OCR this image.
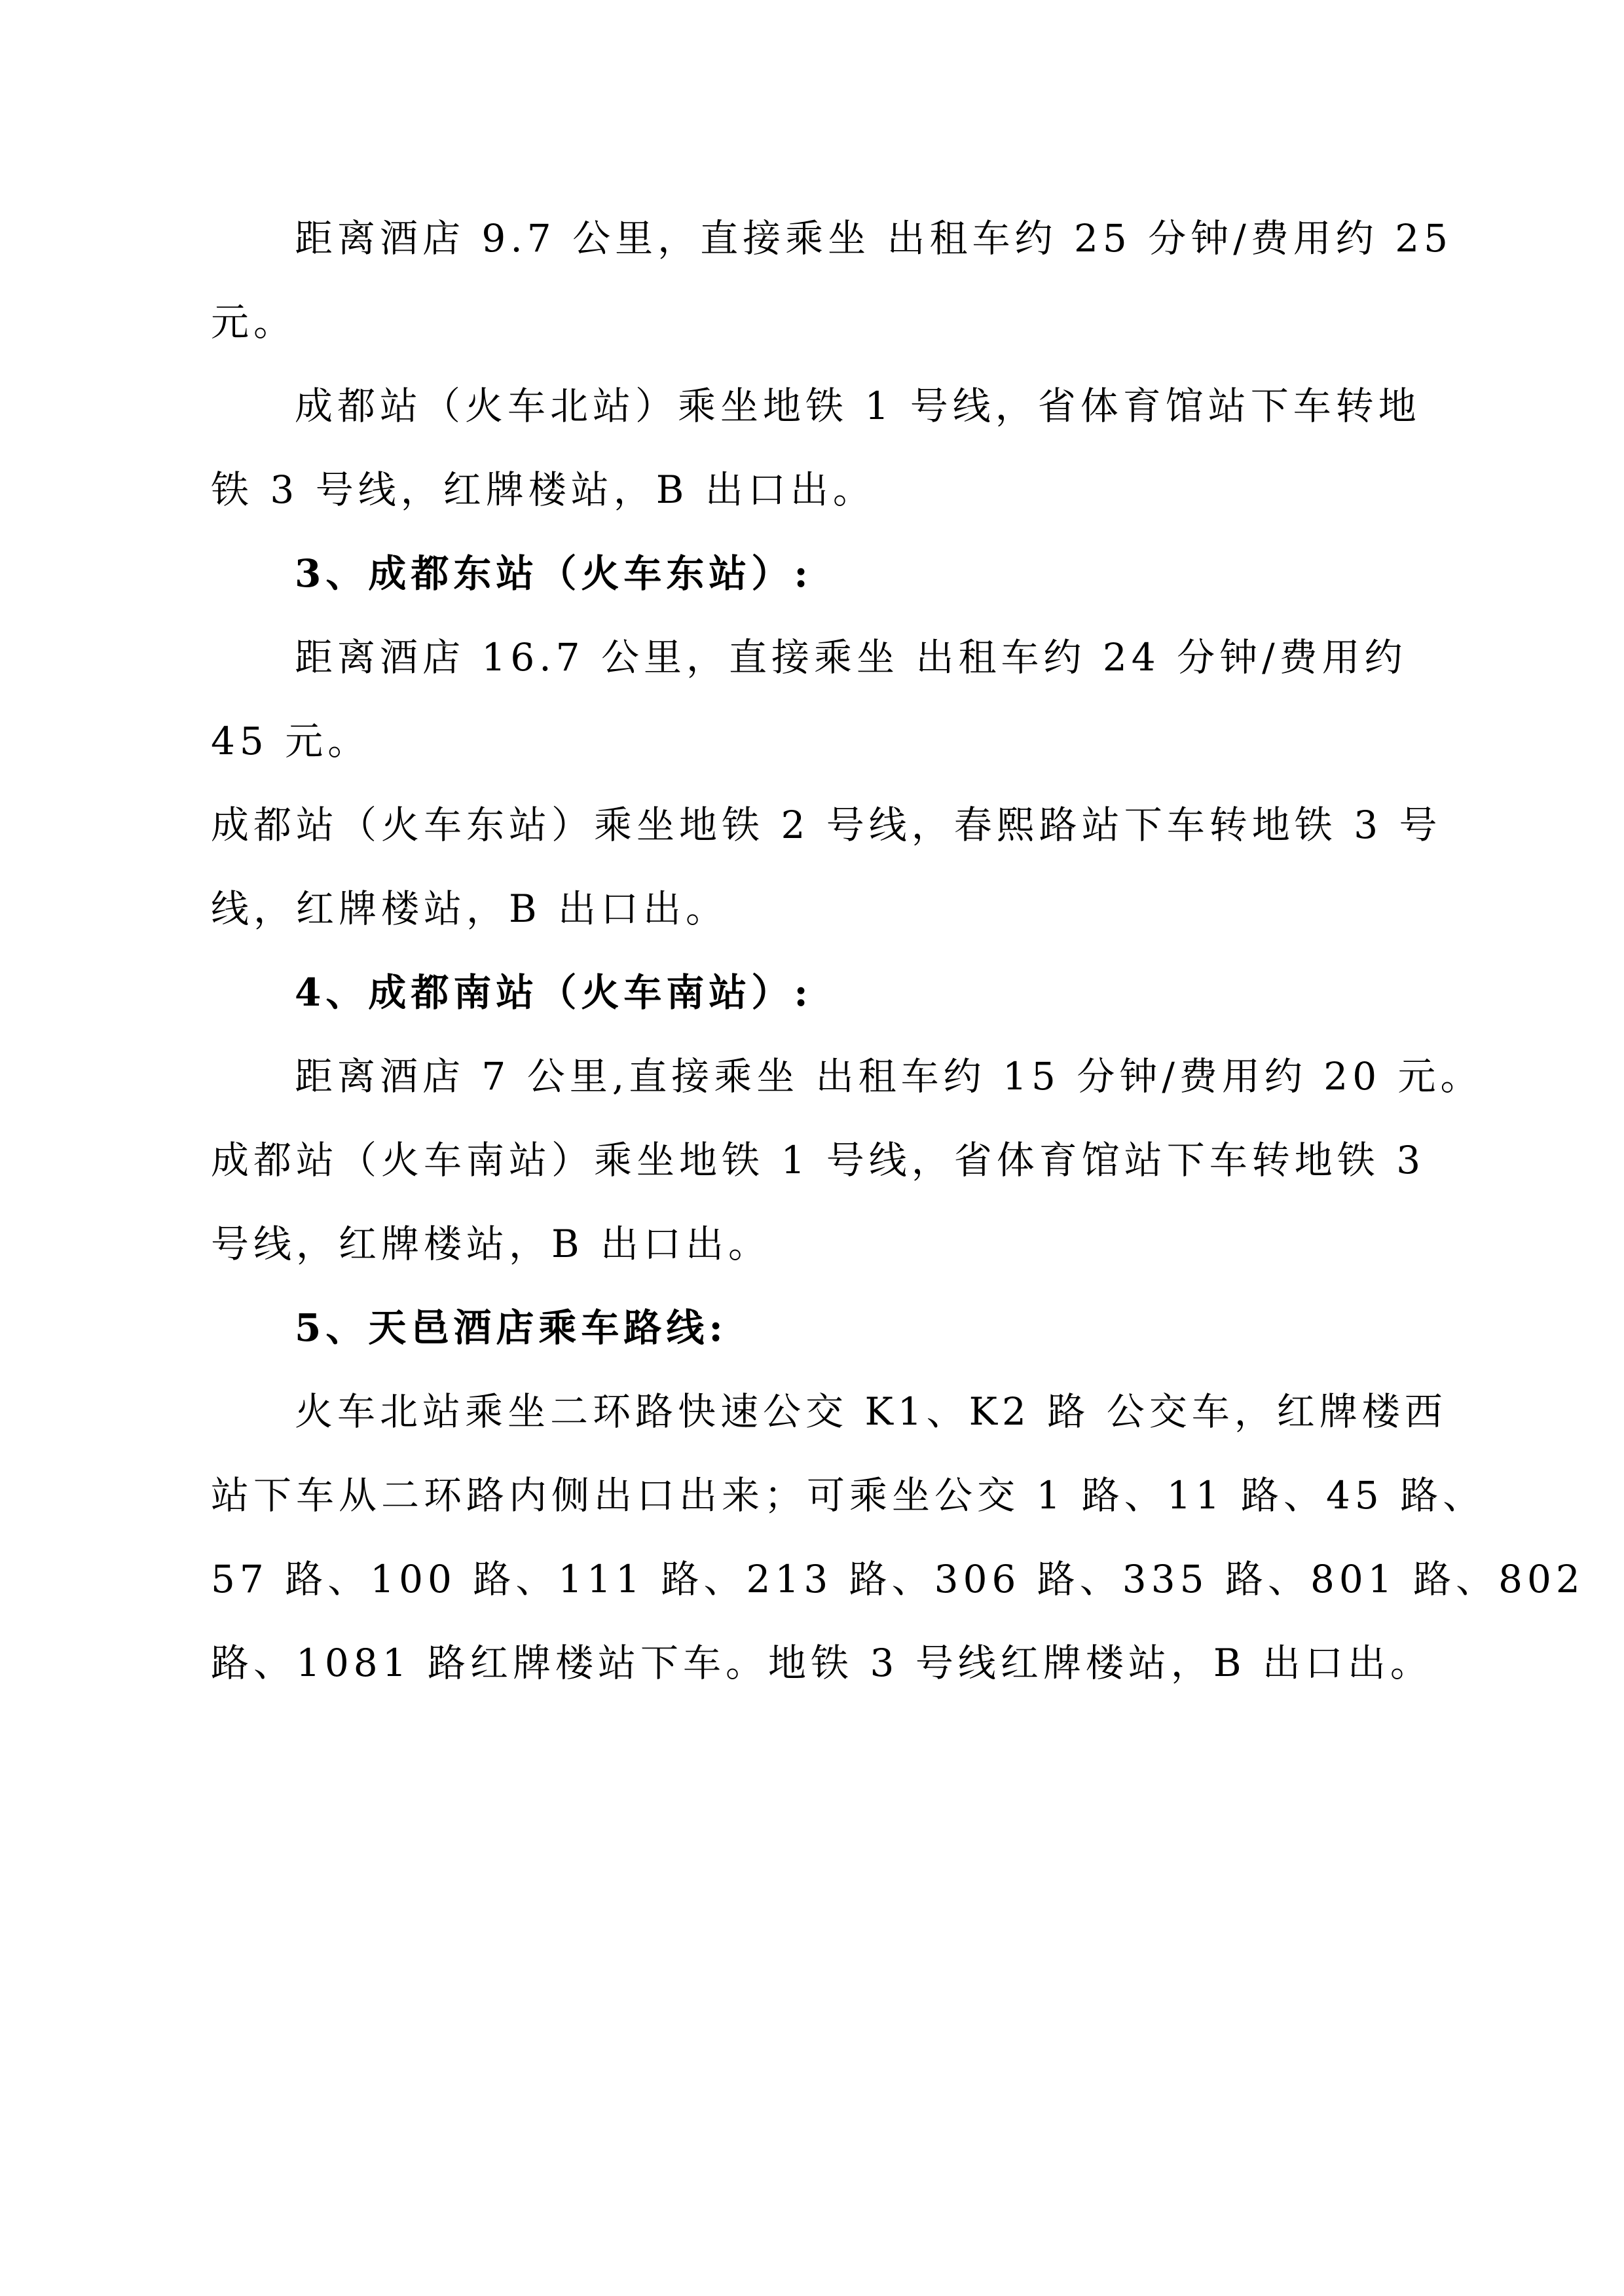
距离酒店 9.7 公里，直接乘坐 出租车约 25 分钟/费用约 25

元。

成都站（火车北站）乘坐地铁 1 号线，省体育馆站下车转地

铁 3 号线，红牌楼站，B 出口出。

3、成都东站（火车东站）:

距离酒店 16.7 公里，直接乘坐 出租车约 24 分钟/费用约

45 元。

成都站（火车东站）乘坐地铁 2 号线，春熙路站下车转地铁 3 号

线，红牌楼站，B 出口出。

4、成都南站（火车南站）:

距离酒店 7 公里,直接乘坐 出租车约 15 分钟/费用约 20 元。

成都站（火车南站）乘坐地铁 1 号线，省体育馆站下车转地铁 3

号线，红牌楼站，B 出口出。

5、天邑酒店乘车路线:

火车北站乘坐二环路快速公交 K1、K2 路 公交车，红牌楼西

站下车从二环路内侧出口出来；可乘坐公交 1 路、11 路、45 路、

57 路、100 路、111 路、213 路、306 路、335 路、801 路、802

路、1081 路红牌楼站下车。地铁 3 号线红牌楼站，B 出口出。
